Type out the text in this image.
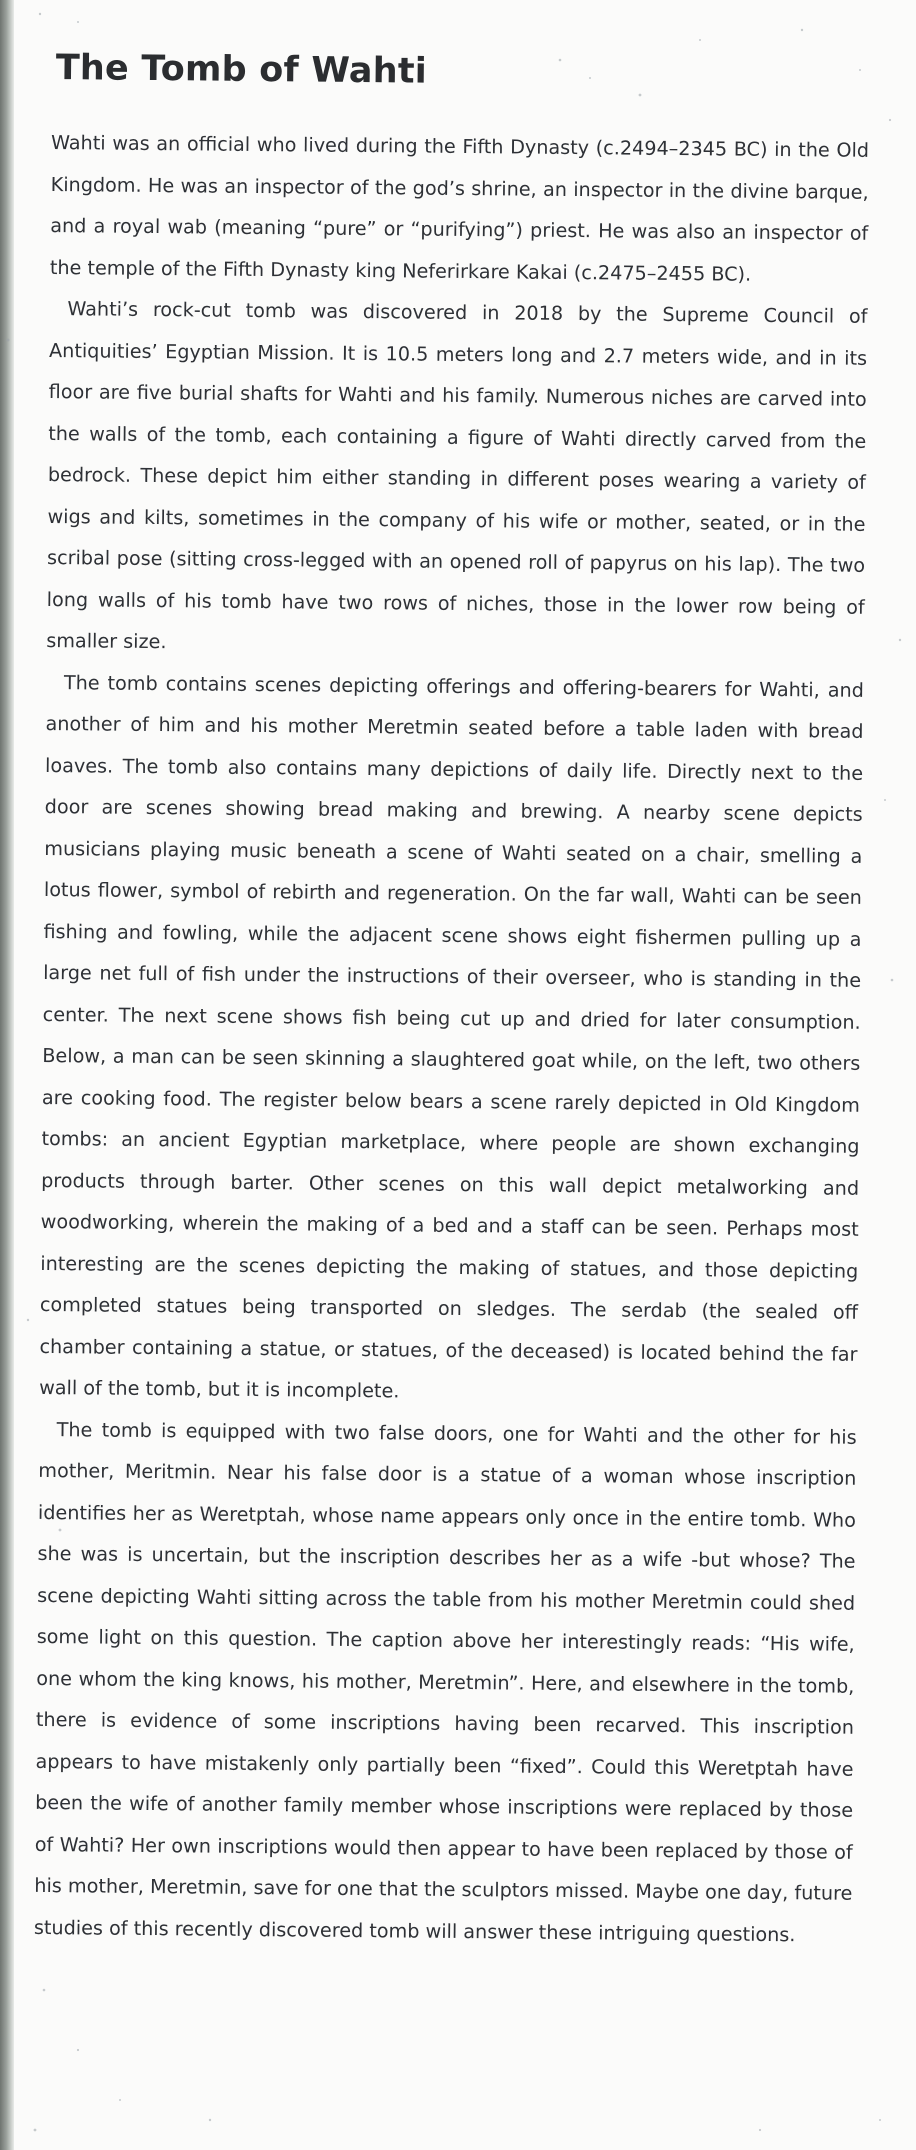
The Tomb of Wahti

Wahti was an official who lived during the Fifth Dynasty (c.2494–2345 BC) in the Old Kingdom. He was an inspector of the god’s shrine, an inspector in the divine barque, and a royal wab (meaning “pure” or “purifying”) priest. He was also an inspector of the temple of the Fifth Dynasty king Neferirkare Kakai (c.2475–2455 BC).

Wahti’s rock-cut tomb was discovered in 2018 by the Supreme Council of Antiquities’ Egyptian Mission. It is 10.5 meters long and 2.7 meters wide, and in its floor are five burial shafts for Wahti and his family. Numerous niches are carved into the walls of the tomb, each containing a figure of Wahti directly carved from the bedrock. These depict him either standing in different poses wearing a variety of wigs and kilts, sometimes in the company of his wife or mother, seated, or in the scribal pose (sitting cross-legged with an opened roll of papyrus on his lap). The two long walls of his tomb have two rows of niches, those in the lower row being of smaller size.

The tomb contains scenes depicting offerings and offering-bearers for Wahti, and another of him and his mother Meretmin seated before a table laden with bread loaves. The tomb also contains many depictions of daily life. Directly next to the door are scenes showing bread making and brewing. A nearby scene depicts musicians playing music beneath a scene of Wahti seated on a chair, smelling a lotus flower, symbol of rebirth and regeneration. On the far wall, Wahti can be seen fishing and fowling, while the adjacent scene shows eight fishermen pulling up a large net full of fish under the instructions of their overseer, who is standing in the center. The next scene shows fish being cut up and dried for later consumption. Below, a man can be seen skinning a slaughtered goat while, on the left, two others are cooking food. The register below bears a scene rarely depicted in Old Kingdom tombs: an ancient Egyptian marketplace, where people are shown exchanging products through barter. Other scenes on this wall depict metalworking and woodworking, wherein the making of a bed and a staff can be seen. Perhaps most interesting are the scenes depicting the making of statues, and those depicting completed statues being transported on sledges. The serdab (the sealed off chamber containing a statue, or statues, of the deceased) is located behind the far wall of the tomb, but it is incomplete.

The tomb is equipped with two false doors, one for Wahti and the other for his mother, Meritmin. Near his false door is a statue of a woman whose inscription identifies her as Weretptah, whose name appears only once in the entire tomb. Who she was is uncertain, but the inscription describes her as a wife -but whose? The scene depicting Wahti sitting across the table from his mother Meretmin could shed some light on this question. The caption above her interestingly reads: “His wife, one whom the king knows, his mother, Meretmin”. Here, and elsewhere in the tomb, there is evidence of some inscriptions having been recarved. This inscription appears to have mistakenly only partially been “fixed”. Could this Weretptah have been the wife of another family member whose inscriptions were replaced by those of Wahti? Her own inscriptions would then appear to have been replaced by those of his mother, Meretmin, save for one that the sculptors missed. Maybe one day, future studies of this recently discovered tomb will answer these intriguing questions.
